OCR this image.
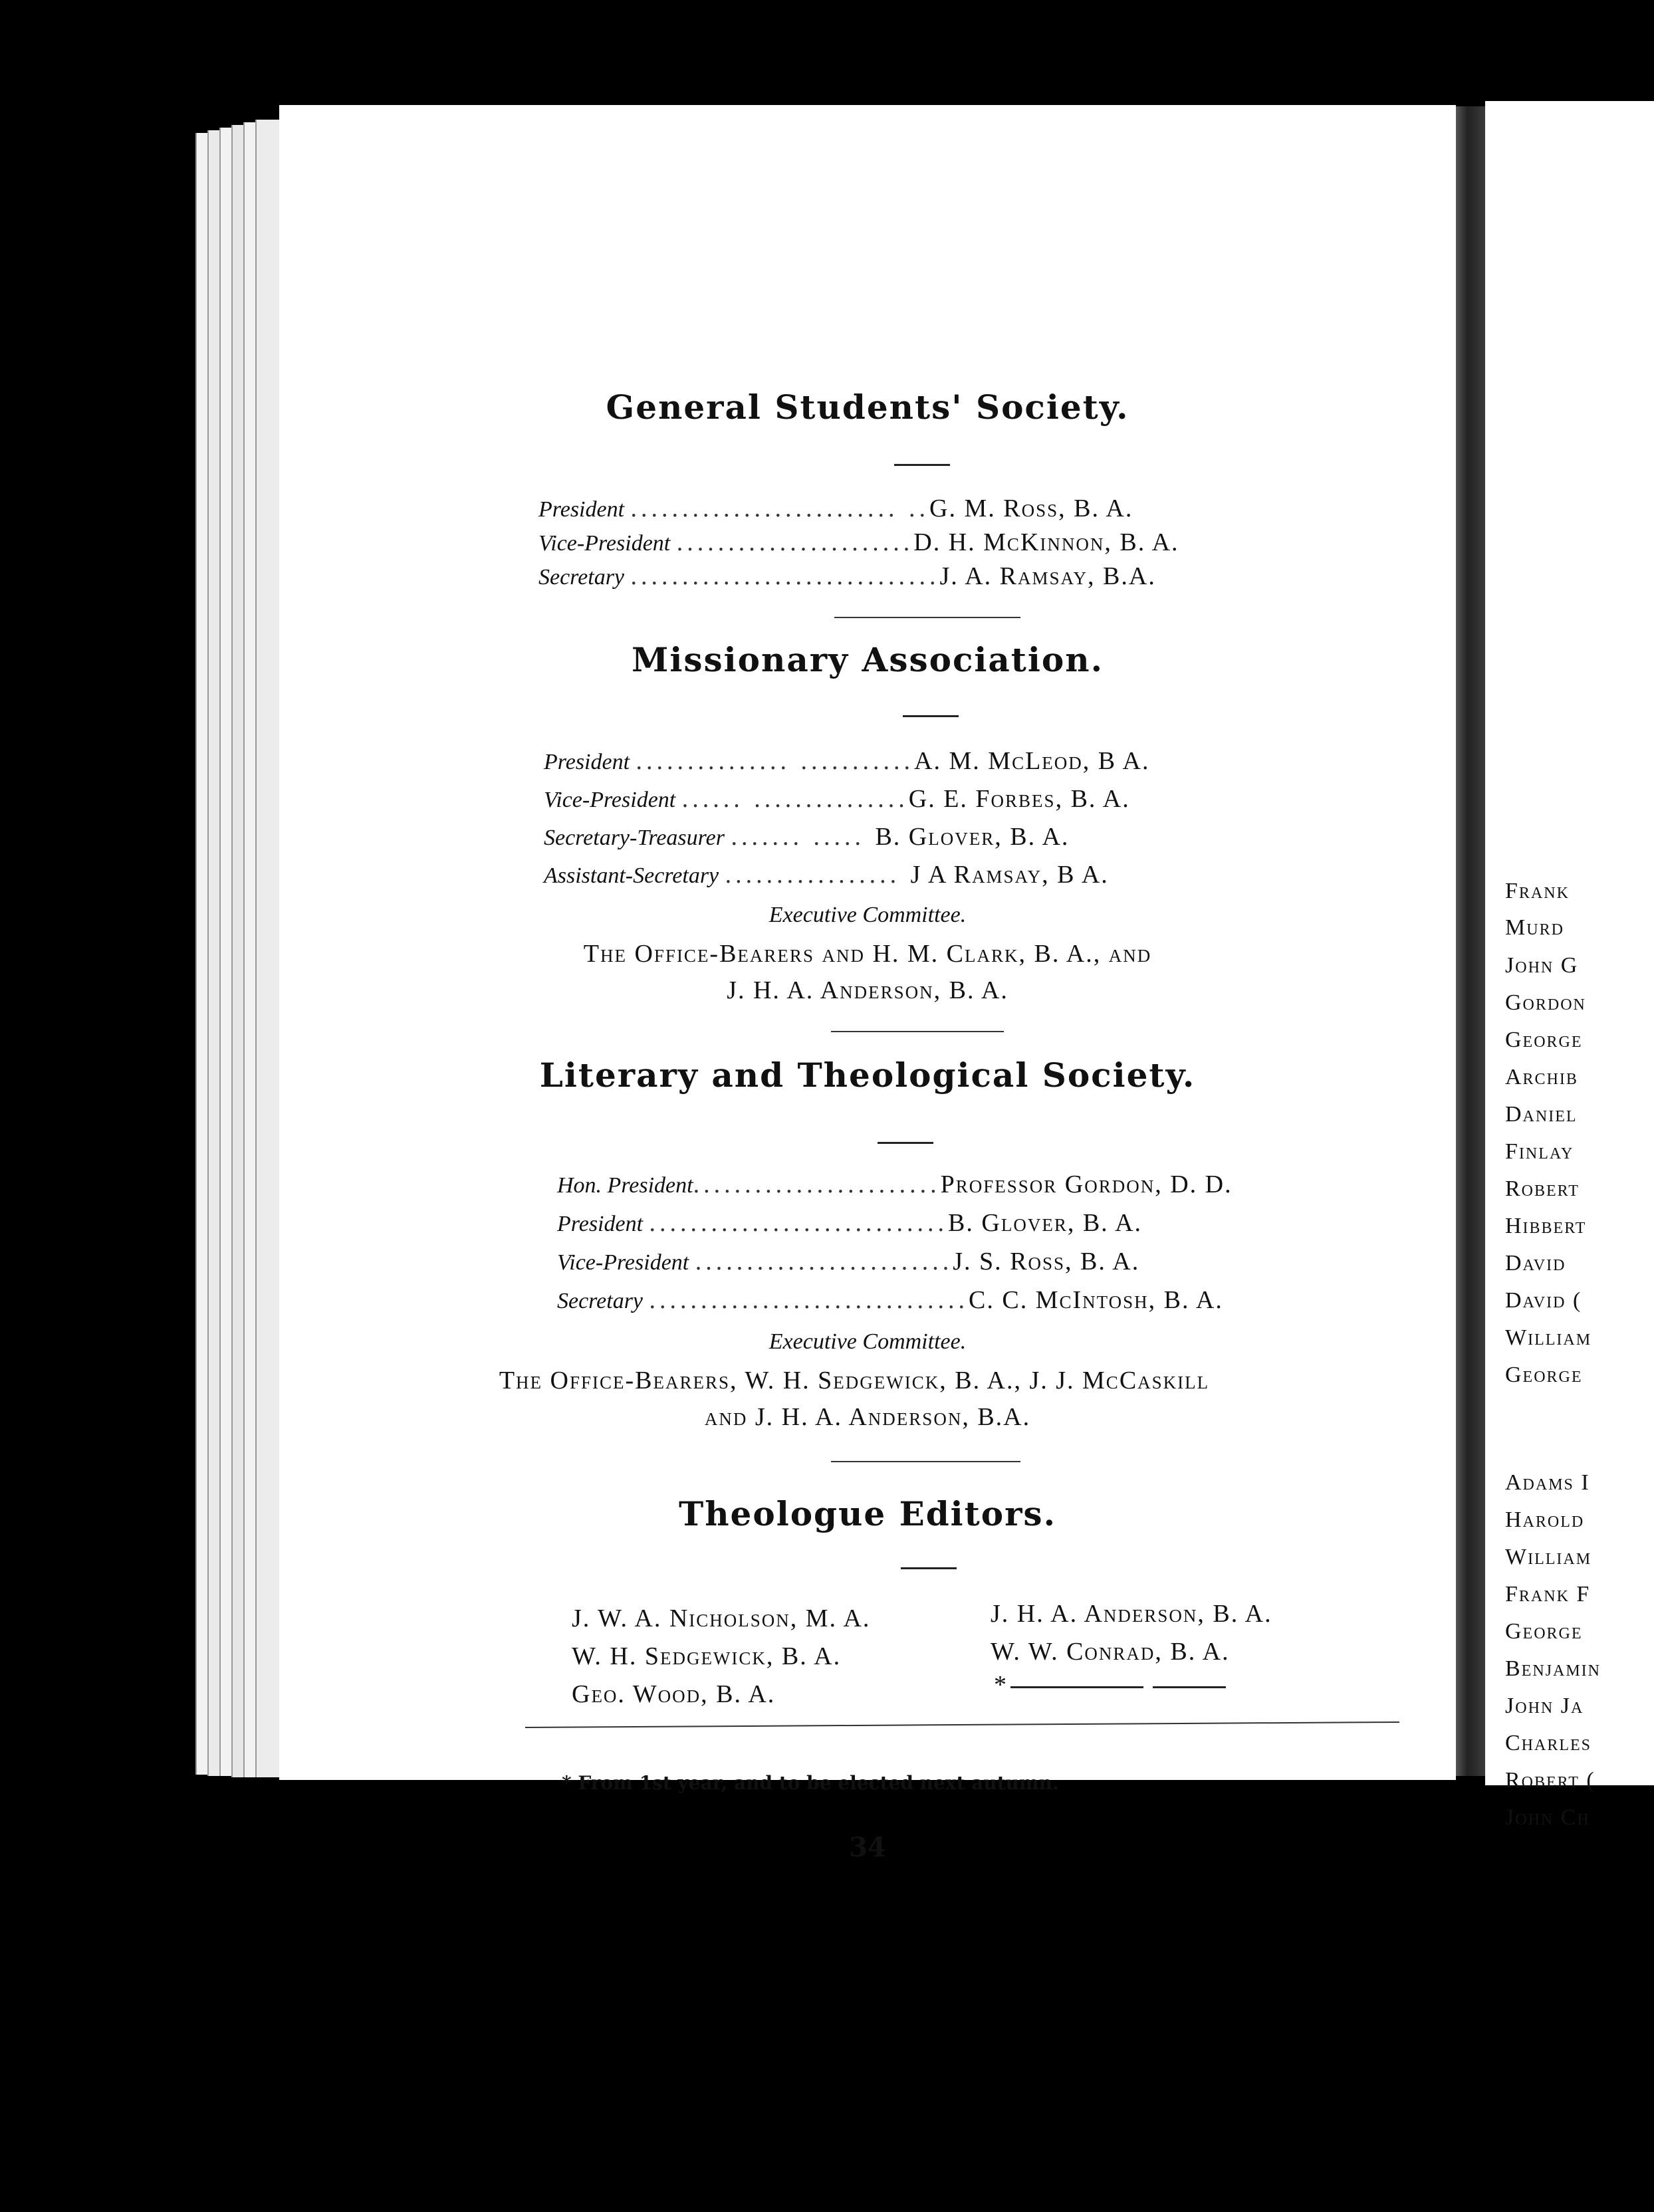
General Students' Society.
President .......................... ..G. M. Ross, B. A.
Vice-President .......................D. H. McKinnon, B. A.
Secretary ..............................J. A. Ramsay, B.A.
Missionary Association.
President ............... ...........A. M. McLeod, B A.
Vice-President ...... ...............G. E. Forbes, B. A.
Secretary-Treasurer ....... ..... B. Glover, B. A.
Assistant-Secretary ................. J A Ramsay, B A.
Executive Committee.
The Office-Bearers and H. M. Clark, B. A., and
J. H. A. Anderson, B. A.
Literary and Theological Society.
Hon. President........................Professor Gordon, D. D.
President .............................B. Glover, B. A.
Vice-President .........................J. S. Ross, B. A.
Secretary ...............................C. C. McIntosh, B. A.
Executive Committee.
The Office-Bearers, W. H. Sedgewick, B. A., J. J. McCaskill
and J. H. A. Anderson, B.A.
Theologue Editors.
J. W. A. Nicholson, M. A.
W. H. Sedgewick, B. A.
Geo. Wood, B. A.
J. H. A. Anderson, B. A.
W. W. Conrad, B. A.
*
* From 1st year, and to be elected next autumn.
34
Frank
Murd
John G
Gordon
George
Archib
Daniel
Finlay
Robert
Hibbert
David
David (
William
George
Adams I
Harold
William
Frank F
George
Benjamin
John Ja
Charles
Robert (
John Ch
